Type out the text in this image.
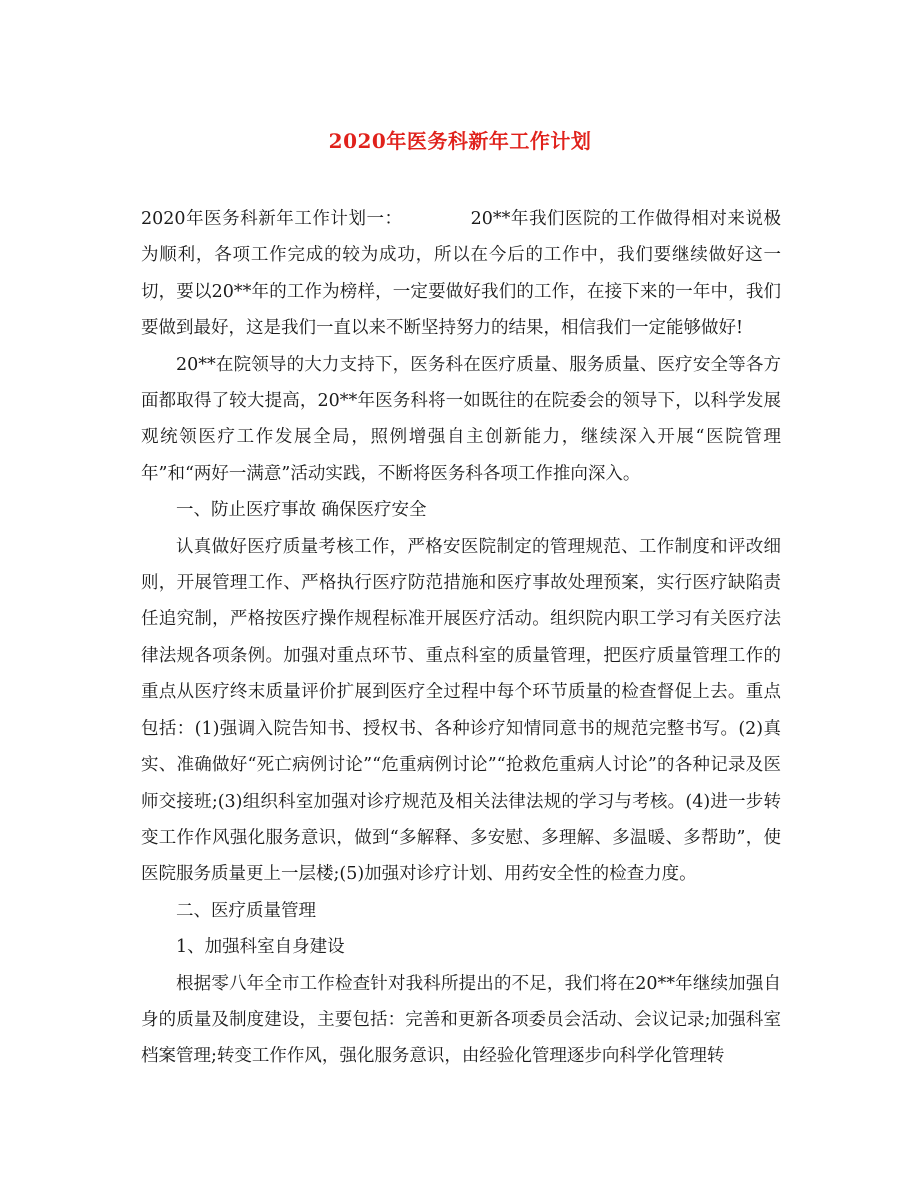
2020年医务科新年工作计划

2020年医务科新年工作计划一：	20**年我们医院的工作做得相对来说极为顺利，各项工作完成的较为成功，所以在今后的工作中，我们要继续做好这一切，要以20**年的工作为榜样，一定要做好我们的工作，在接下来的一年中，我们要做到最好，这是我们一直以来不断坚持努力的结果，相信我们一定能够做好!

20**在院领导的大力支持下，医务科在医疗质量、服务质量、医疗安全等各方面都取得了较大提高，20**年医务科将一如既往的在院委会的领导下，以科学发展观统领医疗工作发展全局，照例增强自主创新能力，继续深入开展“医院管理年”和“两好一满意”活动实践，不断将医务科各项工作推向深入。

一、防止医疗事故 确保医疗安全

认真做好医疗质量考核工作，严格安医院制定的管理规范、工作制度和评改细则，开展管理工作、严格执行医疗防范措施和医疗事故处理预案，实行医疗缺陷责任追究制，严格按医疗操作规程标准开展医疗活动。组织院内职工学习有关医疗法律法规各项条例。加强对重点环节、重点科室的质量管理，把医疗质量管理工作的重点从医疗终末质量评价扩展到医疗全过程中每个环节质量的检查督促上去。重点包括：(1)强调入院告知书、授权书、各种诊疗知情同意书的规范完整书写。(2)真实、准确做好“死亡病例讨论”“危重病例讨论”“抢救危重病人讨论”的各种记录及医师交接班;(3)组织科室加强对诊疗规范及相关法律法规的学习与考核。(4)进一步转变工作作风强化服务意识，做到“多解释、多安慰、多理解、多温暖、多帮助”，使医院服务质量更上一层楼;(5)加强对诊疗计划、用药安全性的检查力度。

二、医疗质量管理

1、加强科室自身建设

根据零八年全市工作检查针对我科所提出的不足，我们将在20**年继续加强自身的质量及制度建设，主要包括：完善和更新各项委员会活动、会议记录;加强科室档案管理;转变工作作风，强化服务意识，由经验化管理逐步向科学化管理转
